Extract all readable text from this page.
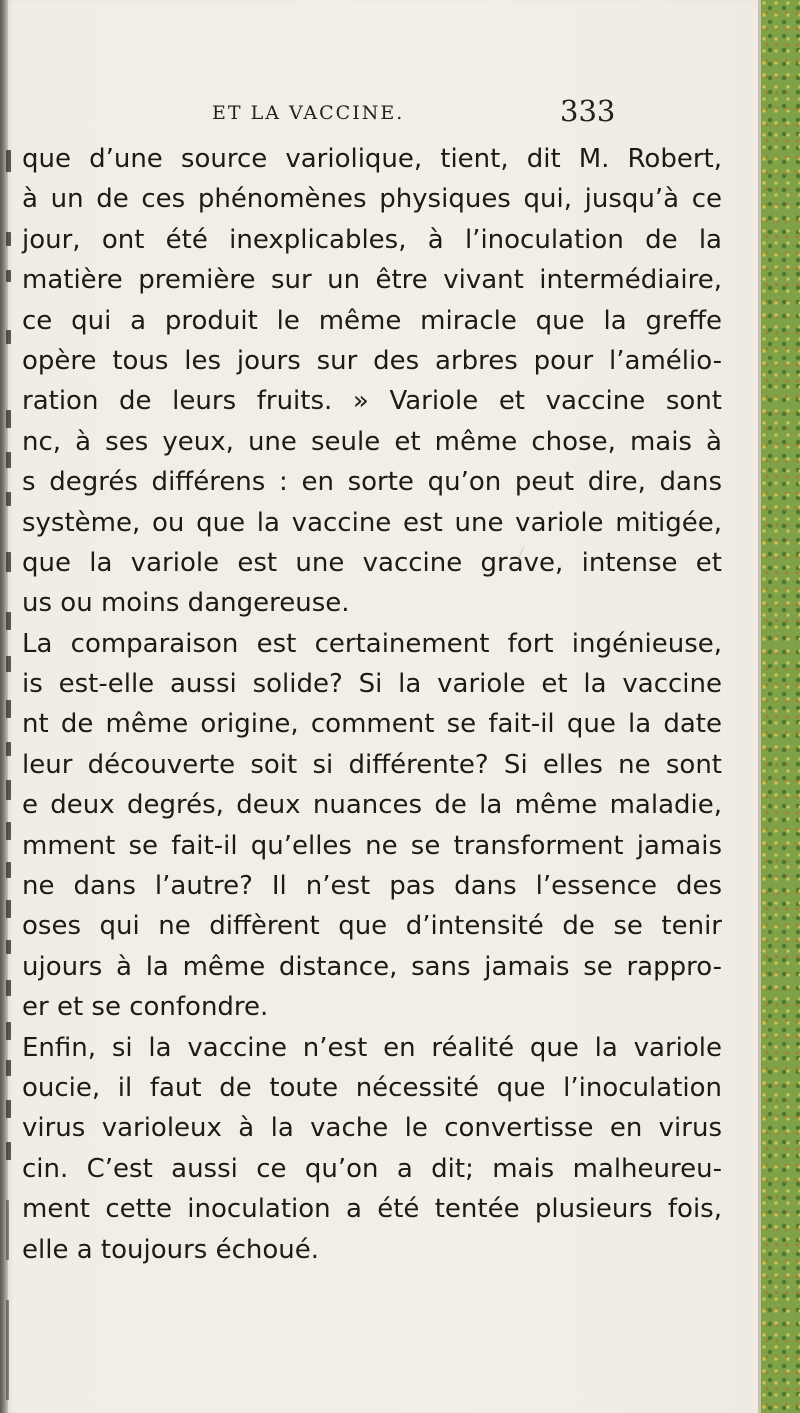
ET LA VACCINE.	333
que d’une source variolique, tient, dit M. Robert,
à un de ces phénomènes physiques qui, jusqu’à ce
jour, ont été inexplicables, à l’inoculation de la
matière première sur un être vivant intermédiaire,
ce qui a produit le même miracle que la greffe
opère tous les jours sur des arbres pour l’amélio-
ration de leurs fruits. » Variole et vaccine sont
nc, à ses yeux, une seule et même chose, mais à
s degrés différens : en sorte qu’on peut dire, dans
système, ou que la vaccine est une variole mitigée,
que la variole est une vaccine grave, intense et
us ou moins dangereuse.
La comparaison est certainement fort ingénieuse,
is est-elle aussi solide? Si la variole et la vaccine
nt de même origine, comment se fait-il que la date
leur découverte soit si différente? Si elles ne sont
e deux degrés, deux nuances de la même maladie,
mment se fait-il qu’elles ne se transforment jamais
ne dans l’autre? Il n’est pas dans l’essence des
oses qui ne diffèrent que d’intensité de se tenir
ujours à la même distance, sans jamais se rappro-
er et se confondre.
Enfin, si la vaccine n’est en réalité que la variole
oucie, il faut de toute nécessité que l’inoculation
virus varioleux à la vache le convertisse en virus
cin. C’est aussi ce qu’on a dit; mais malheureu-
ment cette inoculation a été tentée plusieurs fois,
elle a toujours échoué.
